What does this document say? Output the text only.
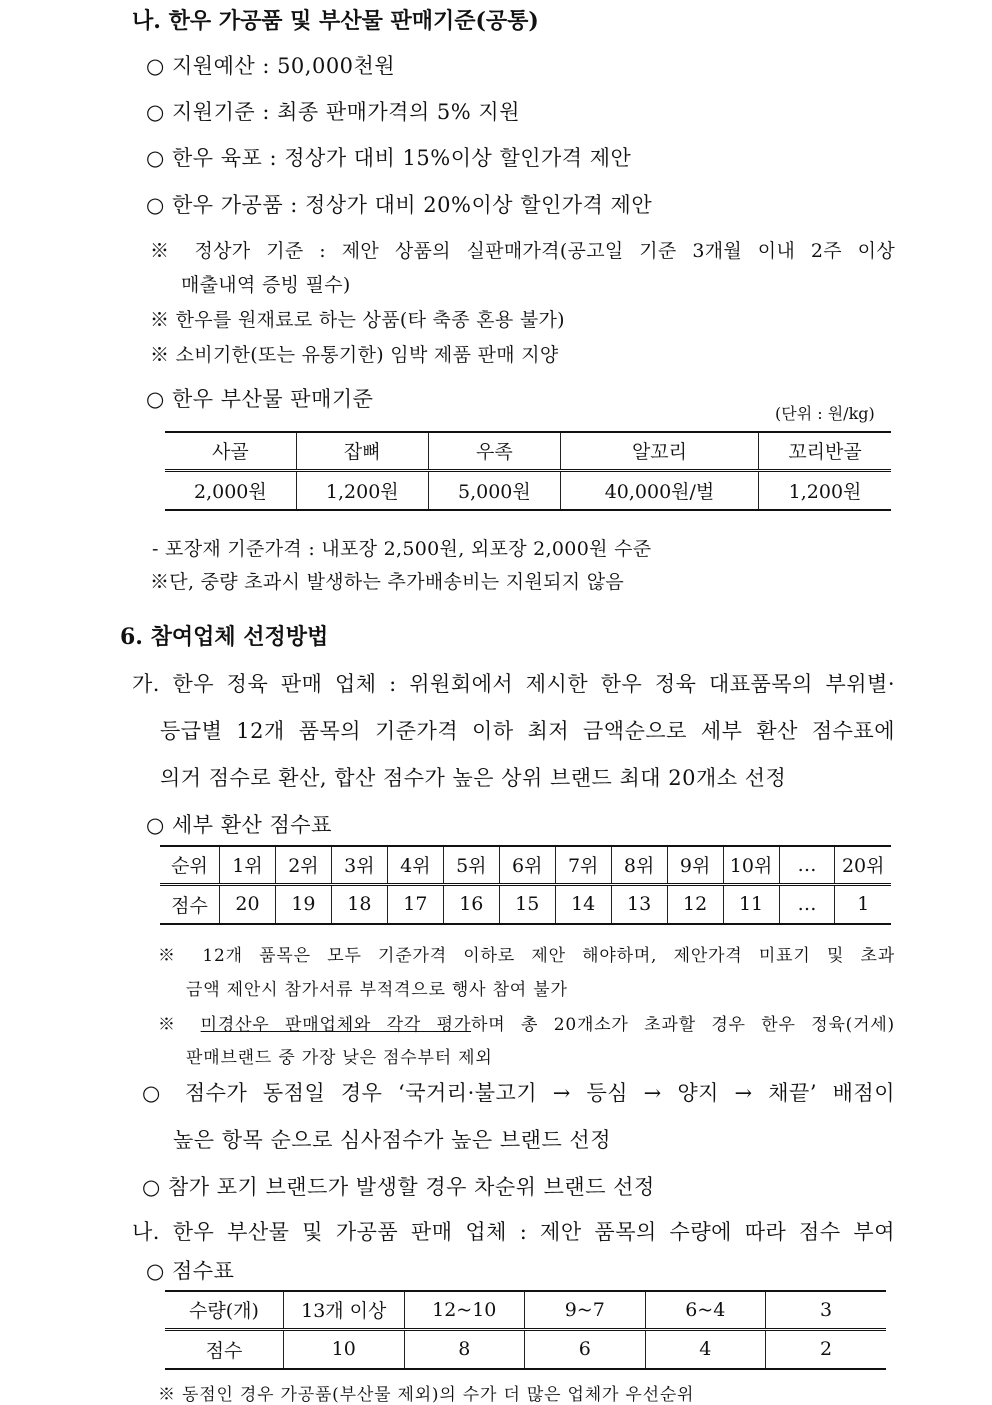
나. 한우 가공품 및 부산물 판매기준(공통)
○ 지원예산 : 50,000천원
○ 지원기준 : 최종 판매가격의 5% 지원
○ 한우 육포 : 정상가 대비 15%이상 할인가격 제안
○ 한우 가공품 : 정상가 대비 20%이상 할인가격 제안
※ 정상가 기준 : 제안 상품의 실판매가격(공고일 기준 3개월 이내 2주 이상
매출내역 증빙 필수)
※ 한우를 원재료로 하는 상품(타 축종 혼용 불가)
※ 소비기한(또는 유통기한) 임박 제품 판매 지양
○ 한우 부산물 판매기준
(단위 : 원/kg)
사골	잡뼈	우족	알꼬리	꼬리반골
2,000원	1,200원	5,000원	40,000원/벌	1,200원
- 포장재 기준가격 : 내포장 2,500원, 외포장 2,000원 수준
※단, 중량 초과시 발생하는 추가배송비는 지원되지 않음
6. 참여업체 선정방법
가. 한우 정육 판매 업체 : 위원회에서 제시한 한우 정육 대표품목의 부위별·
등급별 12개 품목의 기준가격 이하 최저 금액순으로 세부 환산 점수표에
의거 점수로 환산, 합산 점수가 높은 상위 브랜드 최대 20개소 선정
○ 세부 환산 점수표
순위	1위	2위	3위	4위	5위	6위	7위	8위	9위	10위	…	20위
점수	20	19	18	17	16	15	14	13	12	11	…	1
※ 12개 품목은 모두 기준가격 이하로 제안 해야하며, 제안가격 미표기 및 초과
금액 제안시 참가서류 부적격으로 행사 참여 불가
※ 미경산우 판매업체와 각각 평가하며 총 20개소가 초과할 경우 한우 정육(거세)
판매브랜드 중 가장 낮은 점수부터 제외
○ 점수가 동점일 경우 ‘국거리·불고기 → 등심 → 양지 → 채끝’ 배점이
높은 항목 순으로 심사점수가 높은 브랜드 선정
○ 참가 포기 브랜드가 발생할 경우 차순위 브랜드 선정
나. 한우 부산물 및 가공품 판매 업체 : 제안 품목의 수량에 따라 점수 부여
○ 점수표
수량(개)	13개 이상	12~10	9~7	6~4	3
점수	10	8	6	4	2
※ 동점인 경우 가공품(부산물 제외)의 수가 더 많은 업체가 우선순위
